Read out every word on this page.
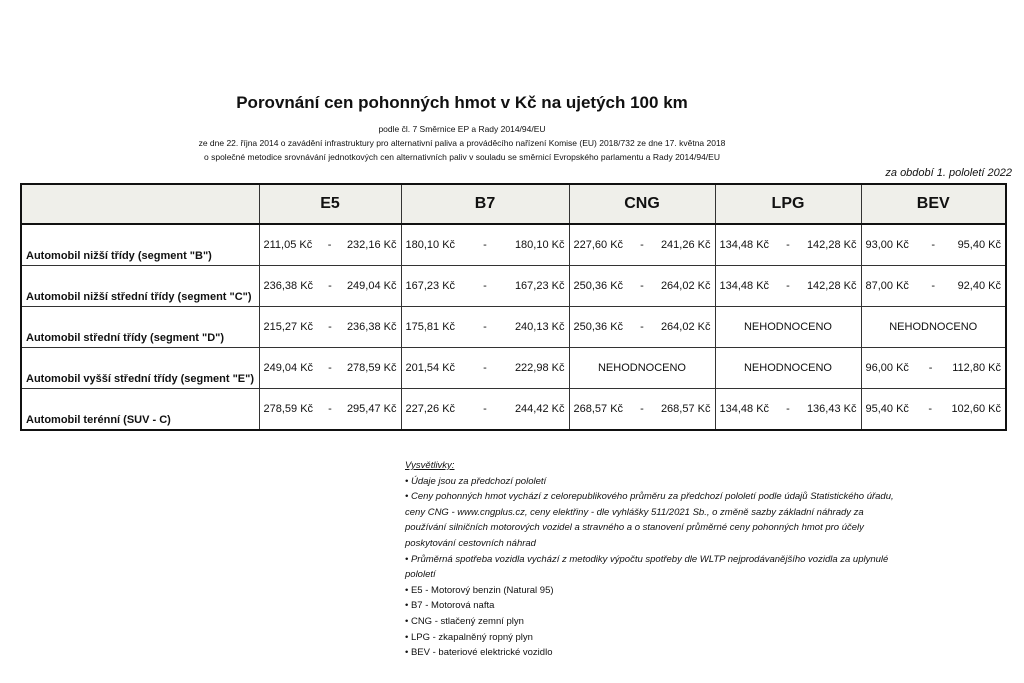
Porovnání cen pohonných hmot v Kč na ujetých 100 km
podle čl. 7 Směrnice EP a Rady 2014/94/EU
ze dne 22. října 2014 o zavádění infrastruktury pro alternativní paliva a prováděcího nařízení Komise (EU) 2018/732 ze dne 17. května 2018
o společné metodice srovnávání jednotkových cen alternativních paliv v souladu se směrnicí Evropského parlamentu a Rady 2014/94/EU
za období 1. pololetí 2022
	E5	B7	CNG	LPG	BEV
Automobil nižší třídy (segment "B")	211,05 Kč - 232,16 Kč	180,10 Kč - 180,10 Kč	227,60 Kč - 241,26 Kč	134,48 Kč - 142,28 Kč	93,00 Kč - 95,40 Kč

Automobil nižší střední třídy (segment "C")	236,38 Kč - 249,04 Kč	167,23 Kč - 167,23 Kč	250,36 Kč - 264,02 Kč	134,48 Kč - 142,28 Kč	87,00 Kč - 92,40 Kč

Automobil střední třídy (segment "D")	215,27 Kč - 236,38 Kč	175,81 Kč - 240,13 Kč	250,36 Kč - 264,02 Kč	NEHODNOCENO	NEHODNOCENO
Automobil vyšší střední třídy (segment "E")	249,04 Kč - 278,59 Kč	201,54 Kč - 222,98 Kč	NEHODNOCENO	NEHODNOCENO	96,00 Kč - 112,80 Kč

Automobil terénní (SUV - C)	278,59 Kč - 295,47 Kč	227,26 Kč - 244,42 Kč	268,57 Kč - 268,57 Kč	134,48 Kč - 136,43 Kč	95,40 Kč - 102,60 Kč
Vysvětlivky:
• Údaje jsou za předchozí pololetí
• Ceny pohonných hmot vychází z celorepublikového průměru za předchozí pololetí podle údajů Statistického úřadu, ceny CNG - www.cngplus.cz, ceny elektřiny - dle vyhlášky 511/2021 Sb., o změně sazby základní náhrady za používání silničních motorových vozidel a stravného a o stanovení průměrné ceny pohonných hmot pro účely poskytování cestovních náhrad
• Průměrná spotřeba vozidla vychází z metodiky výpočtu spotřeby dle WLTP nejprodávanějšího vozidla za uplynulé pololetí
• E5 - Motorový benzin (Natural 95)
• B7 - Motorová nafta
• CNG - stlačený zemní plyn
• LPG - zkapalněný ropný plyn
• BEV - bateriové elektrické vozidlo
